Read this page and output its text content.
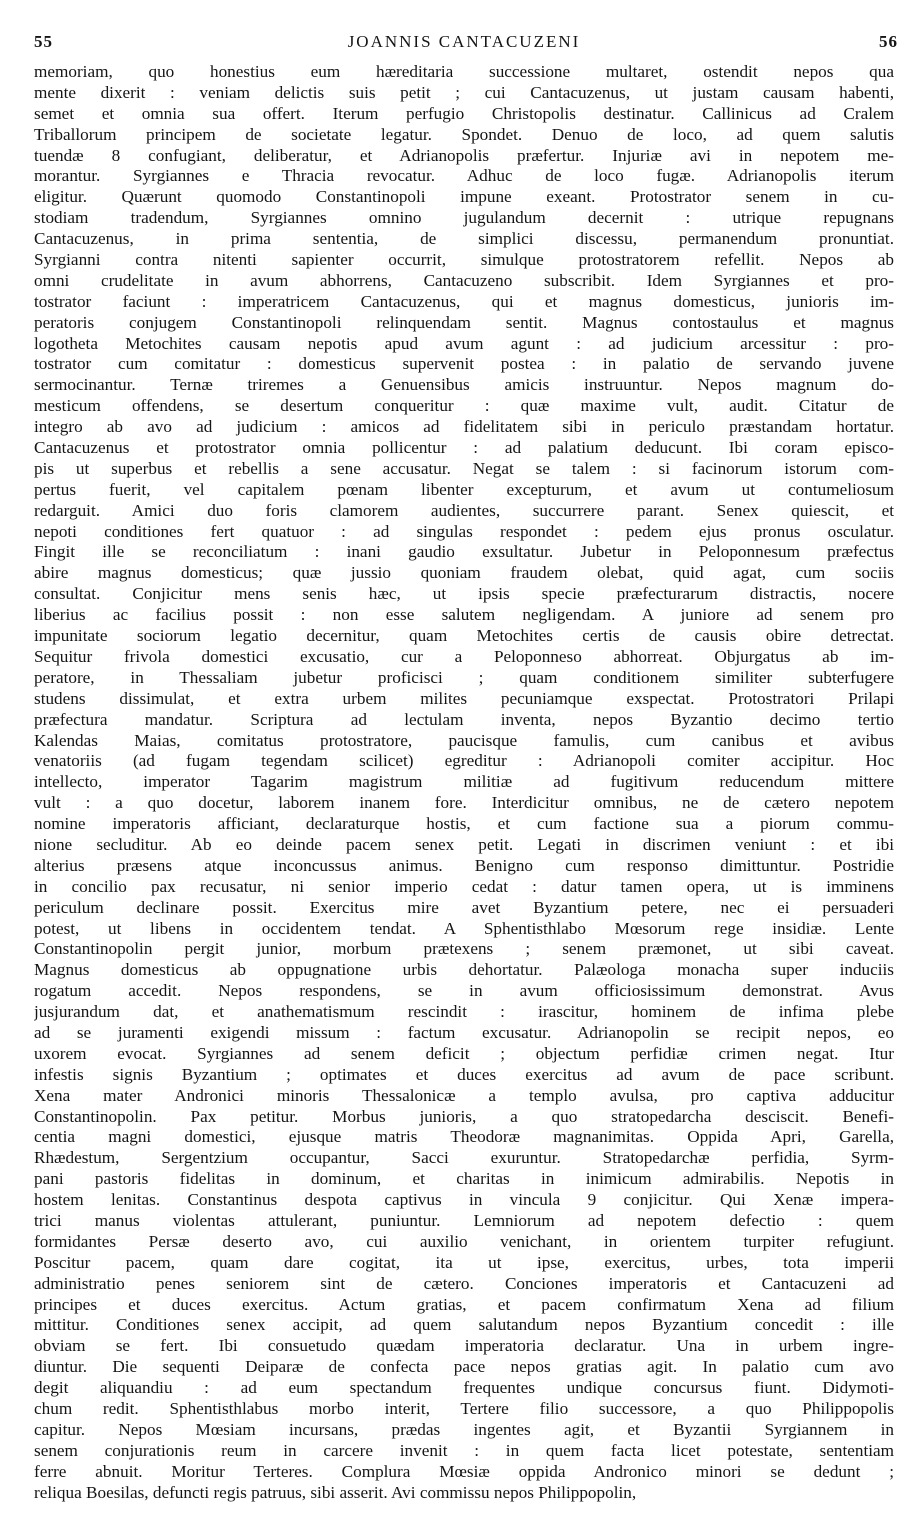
55	JOANNIS CANTACUZENI	56
memoriam, quo honestius eum hæreditaria successione multaret, ostendit nepos qua
mente dixerit : veniam delictis suis petit ; cui Cantacuzenus, ut justam causam habenti,
semet et omnia sua offert. Iterum perfugio Christopolis destinatur. Callinicus ad Cralem
Triballorum principem de societate legatur. Spondet. Denuo de loco, ad quem salutis
tuendæ 8 confugiant, deliberatur, et Adrianopolis præfertur. Injuriæ avi in nepotem me-
morantur. Syrgiannes e Thracia revocatur. Adhuc de loco fugæ. Adrianopolis iterum
eligitur. Quærunt quomodo Constantinopoli impune exeant. Protostrator senem in cu-
stodiam tradendum, Syrgiannes omnino jugulandum decernit : utrique repugnans
Cantacuzenus, in prima sententia, de simplici discessu, permanendum pronuntiat.
Syrgianni contra nitenti sapienter occurrit, simulque protostratorem refellit. Nepos ab
omni crudelitate in avum abhorrens, Cantacuzeno subscribit. Idem Syrgiannes et pro-
tostrator faciunt : imperatricem Cantacuzenus, qui et magnus domesticus, junioris im-
peratoris conjugem Constantinopoli relinquendam sentit. Magnus contostaulus et magnus
logotheta Metochites causam nepotis apud avum agunt : ad judicium arcessitur : pro-
tostrator cum comitatur : domesticus supervenit postea : in palatio de servando juvene
sermocinantur. Ternæ triremes a Genuensibus amicis instruuntur. Nepos magnum do-
mesticum offendens, se desertum conqueritur : quæ maxime vult, audit. Citatur de
integro ab avo ad judicium : amicos ad fidelitatem sibi in periculo præstandam hortatur.
Cantacuzenus et protostrator omnia pollicentur : ad palatium deducunt. Ibi coram episco-
pis ut superbus et rebellis a sene accusatur. Negat se talem : si facinorum istorum com-
pertus fuerit, vel capitalem pœnam libenter excepturum, et avum ut contumeliosum
redarguit. Amici duo foris clamorem audientes, succurrere parant. Senex quiescit, et
nepoti conditiones fert quatuor : ad singulas respondet : pedem ejus pronus osculatur.
Fingit ille se reconciliatum : inani gaudio exsultatur. Jubetur in Peloponnesum præfectus
abire magnus domesticus; quæ jussio quoniam fraudem olebat, quid agat, cum sociis
consultat. Conjicitur mens senis hæc, ut ipsis specie præfecturarum distractis, nocere
liberius ac facilius possit : non esse salutem negligendam. A juniore ad senem pro
impunitate sociorum legatio decernitur, quam Metochites certis de causis obire detrectat.
Sequitur frivola domestici excusatio, cur a Peloponneso abhorreat. Objurgatus ab im-
peratore, in Thessaliam jubetur proficisci ; quam conditionem similiter subterfugere
studens dissimulat, et extra urbem milites pecuniamque exspectat. Protostratori Prilapi
præfectura mandatur. Scriptura ad lectulam inventa, nepos Byzantio decimo tertio
Kalendas Maias, comitatus protostratore, paucisque famulis, cum canibus et avibus
venatoriis (ad fugam tegendam scilicet) egreditur : Adrianopoli comiter accipitur. Hoc
intellecto, imperator Tagarim magistrum militiæ ad fugitivum reducendum mittere
vult : a quo docetur, laborem inanem fore. Interdicitur omnibus, ne de cætero nepotem
nomine imperatoris afficiant, declaraturque hostis, et cum factione sua a piorum commu-
nione secluditur. Ab eo deinde pacem senex petit. Legati in discrimen veniunt : et ibi
alterius præsens atque inconcussus animus. Benigno cum responso dimittuntur. Postridie
in concilio pax recusatur, ni senior imperio cedat : datur tamen opera, ut is imminens
periculum declinare possit. Exercitus mire avet Byzantium petere, nec ei persuaderi
potest, ut libens in occidentem tendat. A Sphentisthlabo Mœsorum rege insidiæ. Lente
Constantinopolin pergit junior, morbum prætexens ; senem præmonet, ut sibi caveat.
Magnus domesticus ab oppugnatione urbis dehortatur. Palæologa monacha super induciis
rogatum accedit. Nepos respondens, se in avum officiosissimum demonstrat. Avus
jusjurandum dat, et anathematismum rescindit : irascitur, hominem de infima plebe
ad se juramenti exigendi missum : factum excusatur. Adrianopolin se recipit nepos, eo
uxorem evocat. Syrgiannes ad senem deficit ; objectum perfidiæ crimen negat. Itur
infestis signis Byzantium ; optimates et duces exercitus ad avum de pace scribunt.
Xena mater Andronici minoris Thessalonicæ a templo avulsa, pro captiva adducitur
Constantinopolin. Pax petitur. Morbus junioris, a quo stratopedarcha desciscit. Benefi-
centia magni domestici, ejusque matris Theodoræ magnanimitas. Oppida Apri, Garella,
Rhædestum, Sergentzium occupantur, Sacci exuruntur. Stratopedarchæ perfidia, Syrm-
pani pastoris fidelitas in dominum, et charitas in inimicum admirabilis. Nepotis in
hostem lenitas. Constantinus despota captivus in vincula 9 conjicitur. Qui Xenæ impera-
trici manus violentas attulerant, puniuntur. Lemniorum ad nepotem defectio : quem
formidantes Persæ deserto avo, cui auxilio venichant, in orientem turpiter refugiunt.
Poscitur pacem, quam dare cogitat, ita ut ipse, exercitus, urbes, tota imperii
administratio penes seniorem sint de cætero. Conciones imperatoris et Cantacuzeni ad
principes et duces exercitus. Actum gratias, et pacem confirmatum Xena ad filium
mittitur. Conditiones senex accipit, ad quem salutandum nepos Byzantium concedit : ille
obviam se fert. Ibi consuetudo quædam imperatoria declaratur. Una in urbem ingre-
diuntur. Die sequenti Deiparæ de confecta pace nepos gratias agit. In palatio cum avo
degit aliquandiu : ad eum spectandum frequentes undique concursus fiunt. Didymoti-
chum redit. Sphentisthlabus morbo interit, Tertere filio successore, a quo Philippopolis
capitur. Nepos Mœsiam incursans, prædas ingentes agit, et Byzantii Syrgiannem in
senem conjurationis reum in carcere invenit : in quem facta licet potestate, sententiam
ferre abnuit. Moritur Terteres. Complura Mœsiæ oppida Andronico minori se dedunt ;
reliqua Boesilas, defuncti regis patruus, sibi asserit. Avi commissu nepos Philippopolin,
